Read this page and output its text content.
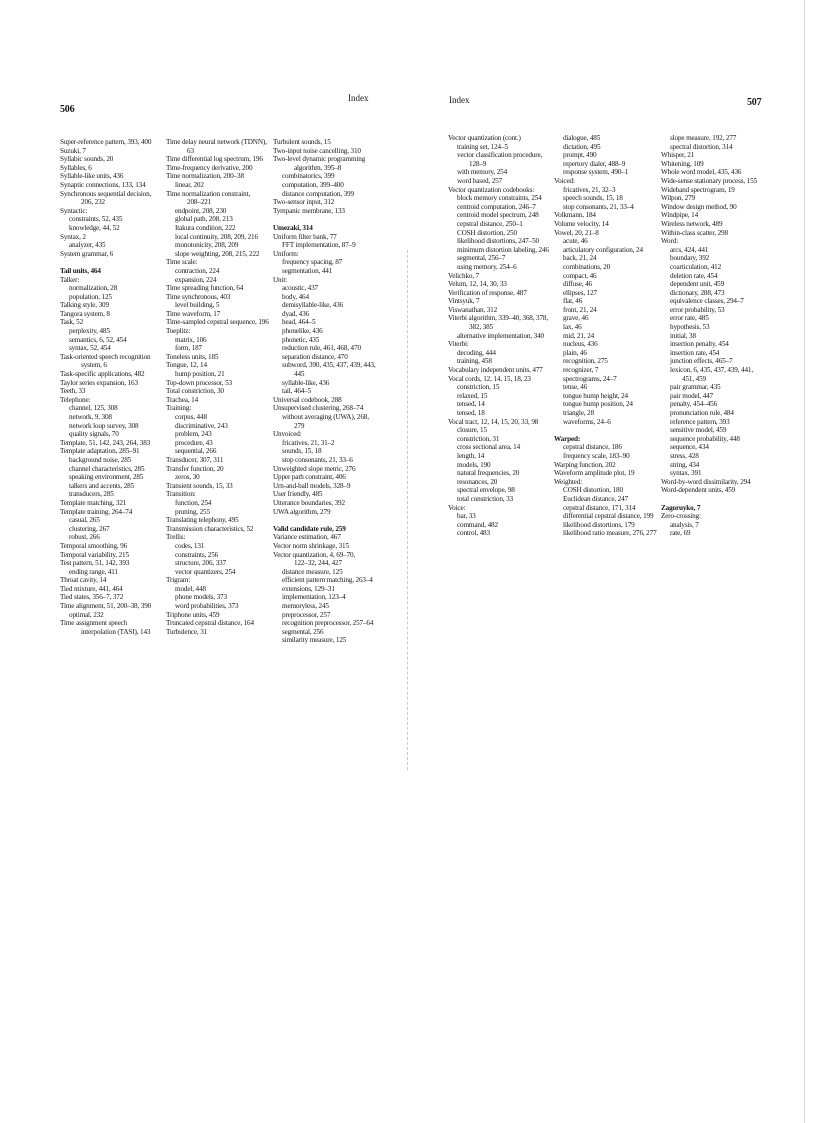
506
Index
Super-reference pattern, 393, 400
Suzuki, 7
Syllabic sounds, 20
Syllables, 6
Syllable-like units, 436
Synaptic connections, 133, 134
Synchronous sequential decision,
206, 232
Syntactic:
constraints, 52, 435
knowledge, 44, 52
Syntax, 2
analyzer, 435
System grammar, 6
Tail units, 464
Talker:
normalization, 28
population, 125
Talking style, 309
Tangora system, 8
Task, 52
perplexity, 485
semantics, 6, 52, 454
syntax, 52, 454
Task-oriented speech recognition
system, 6
Task-specific applications, 482
Taylor series expansion, 163
Teeth, 33
Telephone:
channel, 125, 308
network, 9, 308
network loop survey, 308
quality signals, 70
Template, 51, 142, 243, 264, 383
Template adaptation, 285–91
background noise, 285
channel characteristics, 285
speaking environment, 285
talkers and accents, 285
transducers, 285
Template matching, 321
Template training, 264–74
casual, 265
clustering, 267
robust, 266
Temporal smoothing, 96
Temporal variability, 215
Test pattern, 51, 142, 393
ending range, 411
Throat cavity, 14
Tied mixture, 441, 464
Tied states, 356–7, 372
Time alignment, 51, 200–38, 390
optimal, 232
Time assignment speech
interpolation (TASI), 143
Time delay neural network (TDNN),
63
Time differential log spectrum, 196
Time-frequency derivative, 200
Time normalization, 200–38
linear, 202
Time normalization constraint,
208–221
endpoint, 208, 230
global path, 208, 213
Itakura condition, 222
local continuity, 208, 209, 216
monotonicity, 208, 209
slope weighting, 208, 215, 222
Time scale:
contraction, 224
expansion, 224
Time spreading function, 64
Time synchronous, 403
level building, 5
Time waveform, 17
Time-sampled cepstral sequence, 196
Toeplitz:
matrix, 106
form, 187
Toneless units, 185
Tongue, 12, 14
hump position, 21
Top-down processor, 53
Total constriction, 30
Trachea, 14
Training:
corpus, 448
discriminative, 243
problem, 243
procedure, 43
sequential, 266
Transducer, 307, 311
Transfer function, 20
zeros, 30
Transient sounds, 15, 33
Transition:
function, 254
pruning, 255
Translating telephony, 495
Transmission characteristics, 52
Trellis:
codes, 131
constraints, 256
structure, 206, 337
vector quantizers, 254
Trigram:
model, 448
phone models, 373
word probabilities, 373
Triphone units, 459
Truncated cepstral distance, 164
Turbulence, 31
Turbulent sounds, 15
Two-input noise cancelling, 310
Two-level dynamic programming
algorithm, 395–8
combinatorics, 399
computation, 399–400
distance computation, 399
Two-sensor input, 312
Tympanic membrane, 133
Umezaki, 314
Uniform filter bank, 77
FFT implementation, 87–9
Uniform:
frequency spacing, 87
segmentation, 441
Unit:
acoustic, 437
body, 464
demisyllable-like, 436
dyad, 436
head, 464–5
phonelike, 436
phonetic, 435
reduction rule, 461, 468, 470
separation distance, 470
subword, 390, 435, 437, 439, 443,
445
syllable-like, 436
tail, 464–5
Universal codebook, 288
Unsupervised clustering, 268–74
without averaging (UWA), 268,
279
Unvoiced:
fricatives, 21, 31–2
sounds, 15, 18
stop consonants, 21, 33–6
Unweighted slope metric, 276
Upper path constraint, 406
Urn-and-ball models, 328–9
User friendly, 485
Utterance boundaries, 392
UWA algorithm, 279
Valid candidate rule, 259
Variance estimation, 467
Vector norm shrinkage, 315
Vector quantization, 4, 69–70,
122–32, 244, 427
distance measure, 125
efficient pattern matching, 263–4
extensions, 129–31
implementation, 123–4
memoryless, 245
preprocessor, 257
recognition preprocessor, 257–64
segmental, 256
similarity measure, 125
507
Index
Vector quantization (cont.)
training set, 124–5
vector classification procedure,
128–9
with memory, 254
word based, 257
Vector quantization codebooks:
block memory constraints, 254
centroid computation, 246–7
centroid model spectrum, 248
cepstral distance, 250–1
COSH distortion, 250
likelihood distortions, 247–50
minimum distortion labeling, 246
segmental, 256–7
using memory, 254–6
Velichko, 7
Velum, 12, 14, 30, 33
Verification of response, 487
Vintsyuk, 7
Viswanathan, 312
Viterbi algorithm, 339–40, 368, 378,
382, 385
alternative implementation, 340
Viterbi:
decoding, 444
training, 458
Vocabulary independent units, 477
Vocal cords, 12, 14, 15, 18, 23
constriction, 15
relaxed, 15
tensed, 14
tensed, 18
Vocal tract, 12, 14, 15, 20, 33, 98
closure, 15
constriction, 31
cross sectional area, 14
length, 14
models, 190
natural frequencies, 20
resonances, 20
spectral envelope, 98
total constriction, 33
Voice:
bar, 33
command, 482
control, 483
dialogue, 485
dictation, 495
prompt, 490
repertory dialer, 488–9
response system, 490–1
Voiced:
fricatives, 21, 32–3
speech sounds, 15, 18
stop consonants, 21, 33–4
Volkmann, 184
Volume velocity, 14
Vowel, 20, 21–8
acute, 46
articulatory configuration, 24
back, 21, 24
combinations, 20
compact, 46
diffuse, 46
ellipses, 127
flat, 46
front, 21, 24
grave, 46
lax, 46
mid, 21, 24
nucleus, 436
plain, 46
recognition, 275
recognizer, 7
spectrograms, 24–7
tense, 46
tongue hump height, 24
tongue hump position, 24
triangle, 28
waveforms, 24–6
Warped:
cepstral distance, 186
frequency scale, 183–90
Warping function, 202
Waveform amplitude plot, 19
Weighted:
COSH distortion, 180
Euclidean distance, 247
cepstral distance, 171, 314
differential cepstral distance, 199
likelihood distortions, 179
likelihood ratio measure, 276, 277
slope measure, 192, 277
spectral distortion, 314
Whisper, 21
Whitening, 109
Whole word model, 435, 436
Wide-sense stationary process, 155
Wideband spectrogram, 19
Wilpon, 279
Window design method, 90
Windpipe, 14
Wireless network, 489
Within-class scatter, 298
Word:
arcs, 424, 441
boundary, 392
coarticulation, 412
deletion rate, 454
dependent unit, 459
dictionary, 288, 473
equivalence classes, 294–7
error probability, 53
error rate, 485
hypothesis, 53
initial, 38
insertion penalty, 454
insertion rate, 454
junction effects, 465–7
lexicon, 6, 435, 437, 439, 441,
451, 459
pair grammar, 435
pair model, 447
penalty, 454–456
pronunciation rule, 484
reference pattern, 393
sensitive model, 459
sequence probability, 448
sequence, 434
stress, 428
string, 434
syntax, 391
Word-by-word dissimilarity, 294
Word-dependent units, 459
Zagoruyko, 7
Zero-crossing:
analysis, 7
rate, 69
